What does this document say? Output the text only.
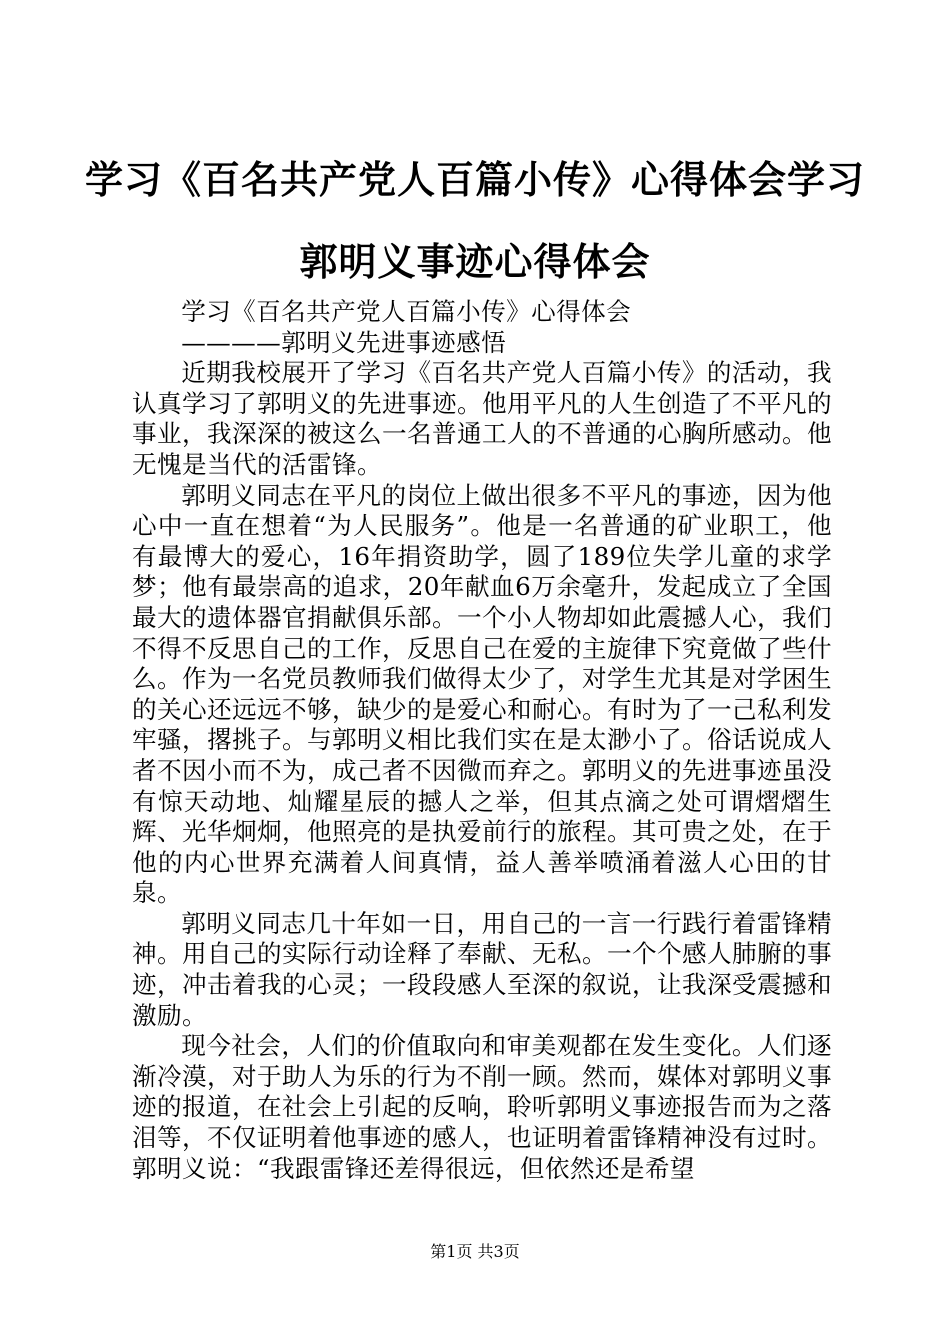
学习《百名共产党人百篇小传》心得体会学习
郭明义事迹心得体会

学习《百名共产党人百篇小传》心得体会

————郭明义先进事迹感悟

近期我校展开了学习《百名共产党人百篇小传》的活动，我认真学习了郭明义的先进事迹。他用平凡的人生创造了不平凡的事业，我深深的被这么一名普通工人的不普通的心胸所感动。他无愧是当代的活雷锋。

郭明义同志在平凡的岗位上做出很多不平凡的事迹，因为他心中一直在想着“为人民服务”。他是一名普通的矿业职工，他有最博大的爱心，16年捐资助学，圆了189位失学儿童的求学梦；他有最崇高的追求，20年献血6万余毫升，发起成立了全国最大的遗体器官捐献俱乐部。一个小人物却如此震撼人心，我们不得不反思自己的工作，反思自己在爱的主旋律下究竟做了些什么。作为一名党员教师我们做得太少了，对学生尤其是对学困生的关心还远远不够，缺少的是爱心和耐心。有时为了一己私利发牢骚，撂挑子。与郭明义相比我们实在是太渺小了。俗话说成人者不因小而不为，成己者不因微而弃之。郭明义的先进事迹虽没有惊天动地、灿耀星辰的撼人之举，但其点滴之处可谓熠熠生辉、光华炯炯，他照亮的是执爱前行的旅程。其可贵之处，在于他的内心世界充满着人间真情，益人善举喷涌着滋人心田的甘泉。

郭明义同志几十年如一日，用自己的一言一行践行着雷锋精神。用自己的实际行动诠释了奉献、无私。一个个感人肺腑的事迹，冲击着我的心灵；一段段感人至深的叙说，让我深受震撼和激励。

现今社会，人们的价值取向和审美观都在发生变化。人们逐渐冷漠，对于助人为乐的行为不削一顾。然而，媒体对郭明义事迹的报道，在社会上引起的反响，聆听郭明义事迹报告而为之落泪等，不仅证明着他事迹的感人，也证明着雷锋精神没有过时。郭明义说：“我跟雷锋还差得很远，但依然还是希望

第1页 共3页
